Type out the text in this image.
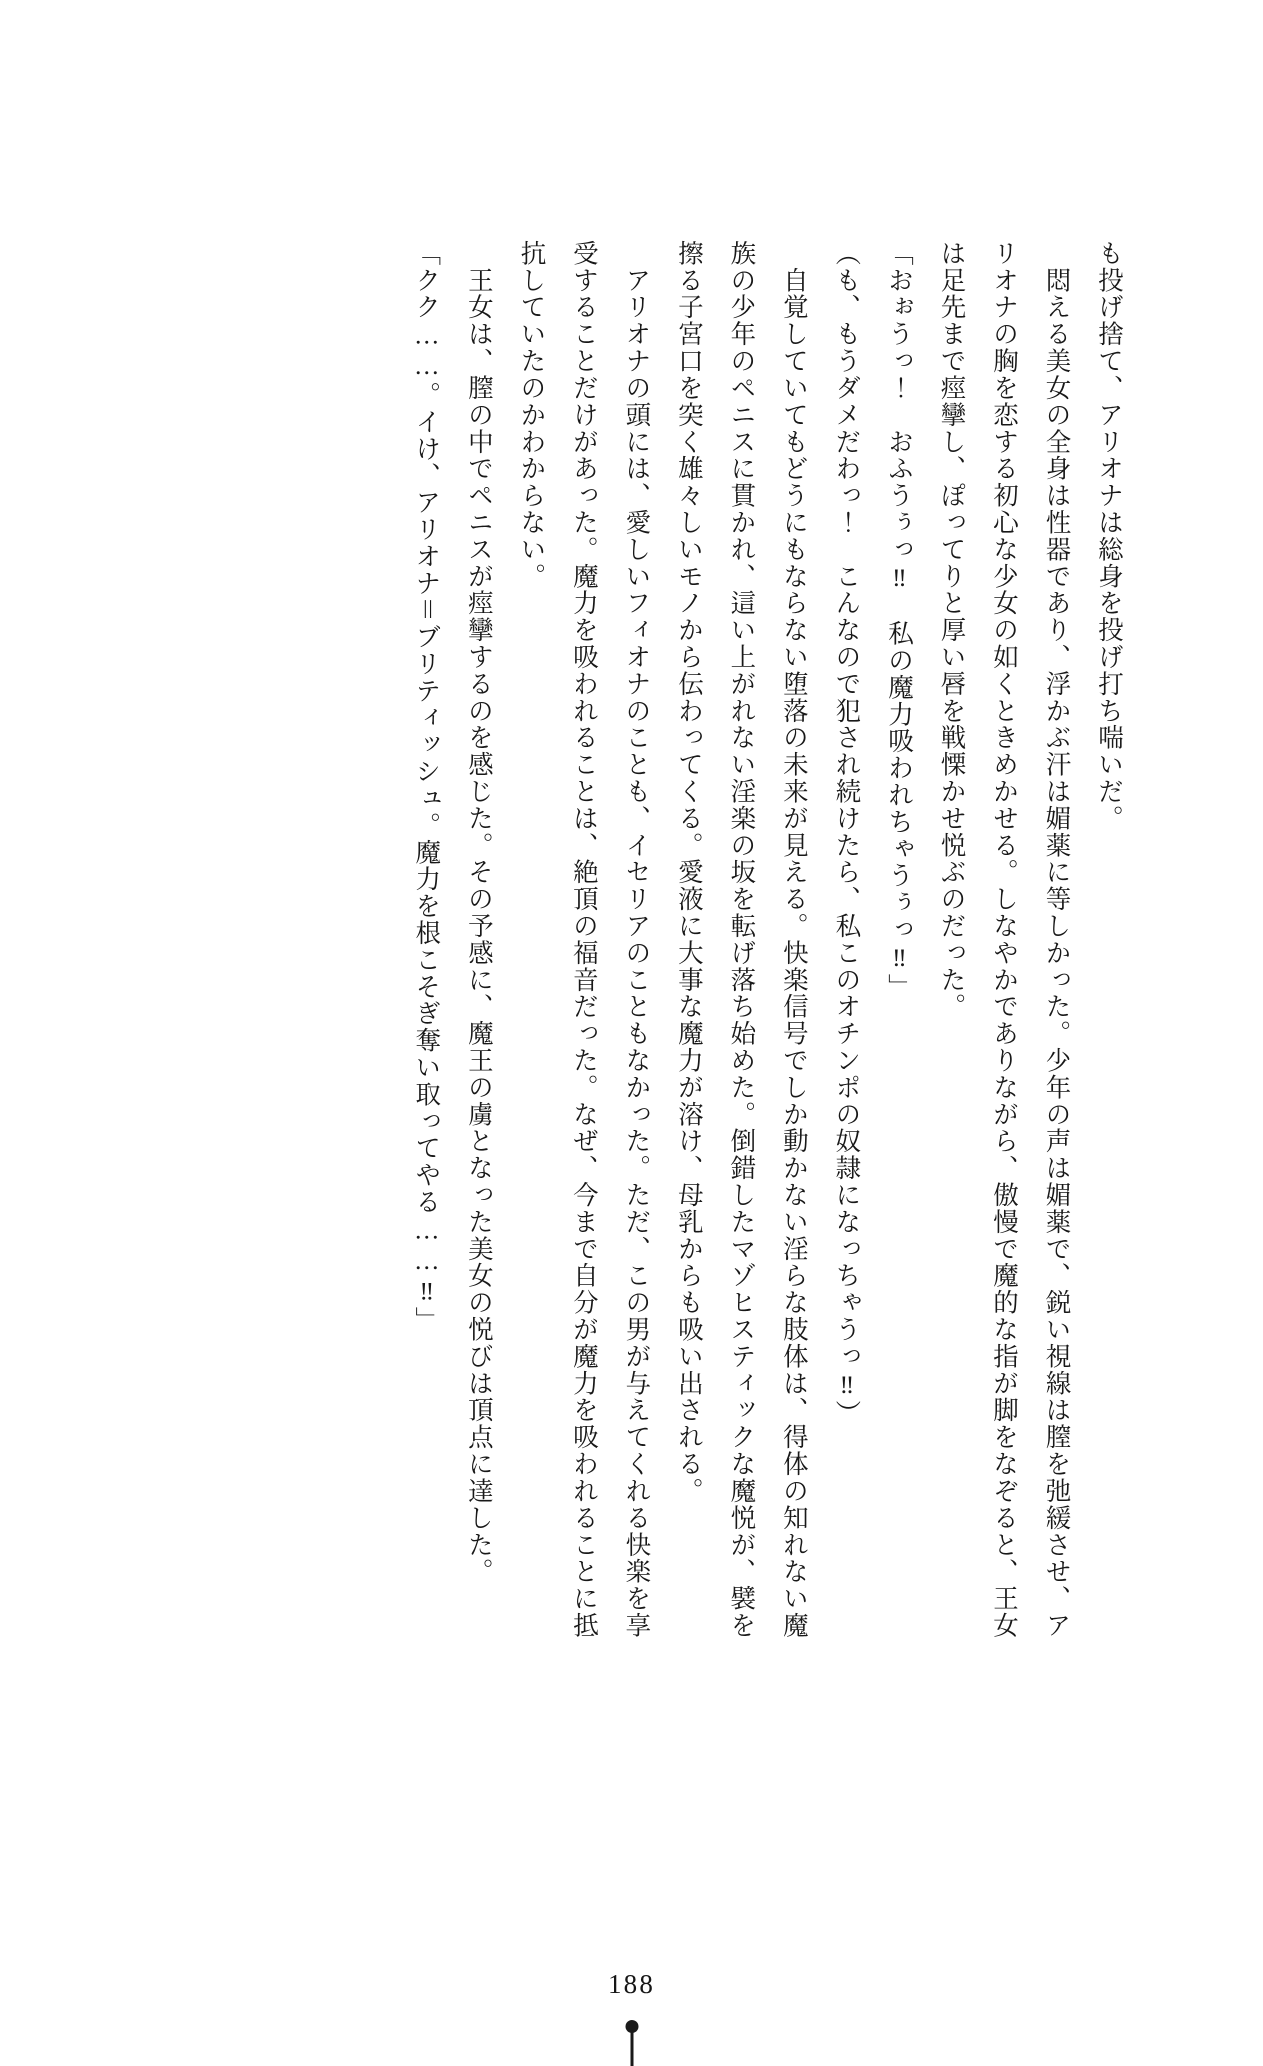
も投げ捨て、アリオナは総身を投げ打ち喘いだ。

　悶える美女の全身は性器であり、浮かぶ汗は媚薬に等しかった。少年の声は媚薬で、鋭い視線は膣を弛緩させ、アリオナの胸を恋する初心な少女の如くときめかせる。しなやかでありながら、傲慢で魔的な指が脚をなぞると、王女は足先まで痙攣し、ぽってりと厚い唇を戦慄かせ悦ぶのだった。

「おぉうっ！　おふうぅっ‼　私の魔力吸われちゃうぅっ‼」

（も、もうダメだわっ！　こんなので犯され続けたら、私このオチンポの奴隷になっちゃうっ‼）

　自覚していてもどうにもならない堕落の未来が見える。快楽信号でしか動かない淫らな肢体は、得体の知れない魔族の少年のペニスに貫かれ、這い上がれない淫楽の坂を転げ落ち始めた。倒錯したマゾヒスティックな魔悦が、襞を擦る子宮口を突く雄々しいモノから伝わってくる。愛液に大事な魔力が溶け、母乳からも吸い出される。

　アリオナの頭には、愛しいフィオナのことも、イセリアのこともなかった。ただ、この男が与えてくれる快楽を享受することだけがあった。魔力を吸われることは、絶頂の福音だった。なぜ、今まで自分が魔力を吸われることに抵抗していたのかわからない。

　王女は、膣の中でペニスが痙攣するのを感じた。その予感に、魔王の虜となった美女の悦びは頂点に達した。

「クク……。イけ、アリオナ＝ブリティッシュ。魔力を根こそぎ奪い取ってやる……‼」

188
